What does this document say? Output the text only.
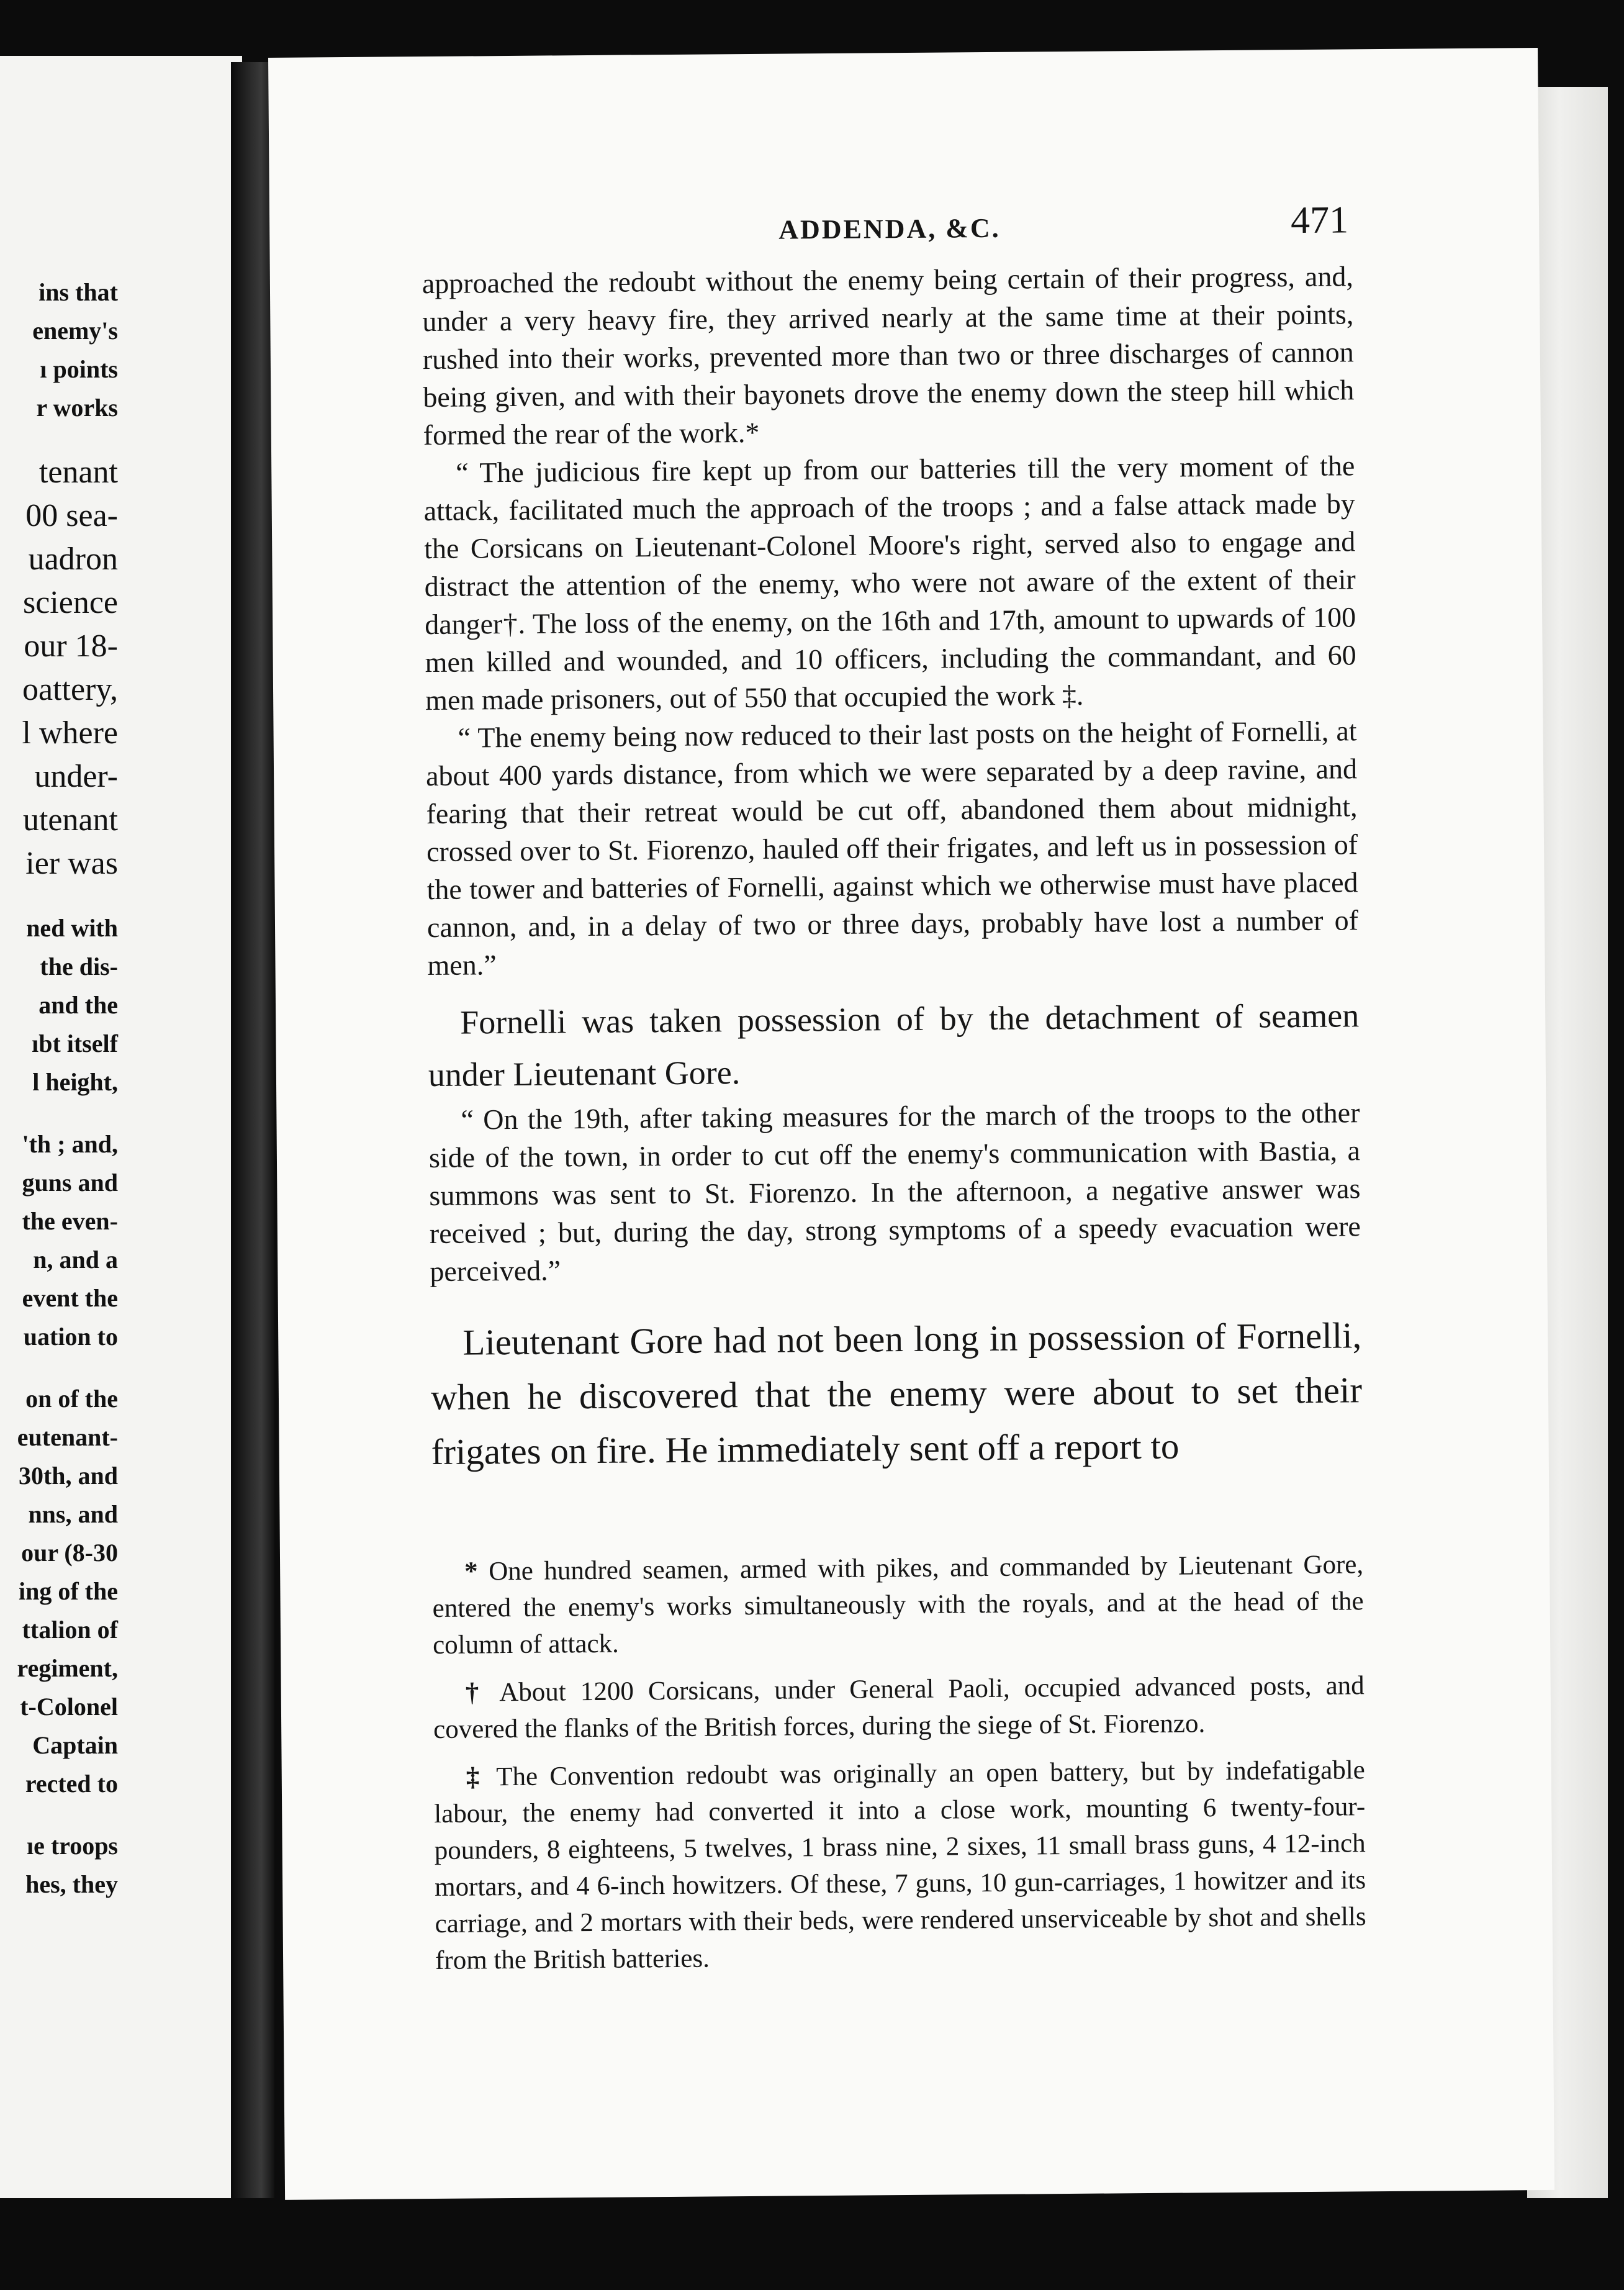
ins that
enemy's
ı points
r works
tenant
00 sea-
uadron
science
our 18-
oattery,
l where
under-
utenant
ier was
ned with
the dis-
and the
ıbt itself
l height,
'th ; and,
guns and
the even-
n, and a
event the
uation to
on of the
eutenant-
30th, and
nns, and
our (8-30
ing of the
ttalion of
regiment,
t-Colonel
Captain
rected to
ıe troops
hes, they
ADDENDA, &C.	471

approached the redoubt without the enemy being certain of their progress, and, under a very heavy fire, they arrived nearly at the same time at their points, rushed into their works, prevented more than two or three discharges of cannon being given, and with their bayonets drove the enemy down the steep hill which formed the rear of the work.*

“ The judicious fire kept up from our batteries till the very moment of the attack, facilitated much the approach of the troops ; and a false attack made by the Corsicans on Lieutenant-Colonel Moore's right, served also to engage and distract the attention of the enemy, who were not aware of the extent of their danger†. The loss of the enemy, on the 16th and 17th, amount to upwards of 100 men killed and wounded, and 10 officers, including the commandant, and 60 men made prisoners, out of 550 that occupied the work ‡.

“ The enemy being now reduced to their last posts on the height of Fornelli, at about 400 yards distance, from which we were separated by a deep ravine, and fearing that their retreat would be cut off, abandoned them about midnight, crossed over to St. Fiorenzo, hauled off their frigates, and left us in possession of the tower and batteries of Fornelli, against which we otherwise must have placed cannon, and, in a delay of two or three days, probably have lost a number of men.”

Fornelli was taken possession of by the detachment of seamen under Lieutenant Gore.

“ On the 19th, after taking measures for the march of the troops to the other side of the town, in order to cut off the enemy's communication with Bastia, a summons was sent to St. Fiorenzo. In the afternoon, a negative answer was received ; but, during the day, strong symptoms of a speedy evacuation were perceived.”

Lieutenant Gore had not been long in possession of Fornelli, when he discovered that the enemy were about to set their frigates on fire. He immediately sent off a report to

* One hundred seamen, armed with pikes, and commanded by Lieutenant Gore, entered the enemy's works simultaneously with the royals, and at the head of the column of attack.

† About 1200 Corsicans, under General Paoli, occupied advanced posts, and covered the flanks of the British forces, during the siege of St. Fiorenzo.

‡ The Convention redoubt was originally an open battery, but by indefatigable labour, the enemy had converted it into a close work, mounting 6 twenty-four-pounders, 8 eighteens, 5 twelves, 1 brass nine, 2 sixes, 11 small brass guns, 4 12-inch mortars, and 4 6-inch howitzers. Of these, 7 guns, 10 gun-carriages, 1 howitzer and its carriage, and 2 mortars with their beds, were rendered unserviceable by shot and shells from the British batteries.
